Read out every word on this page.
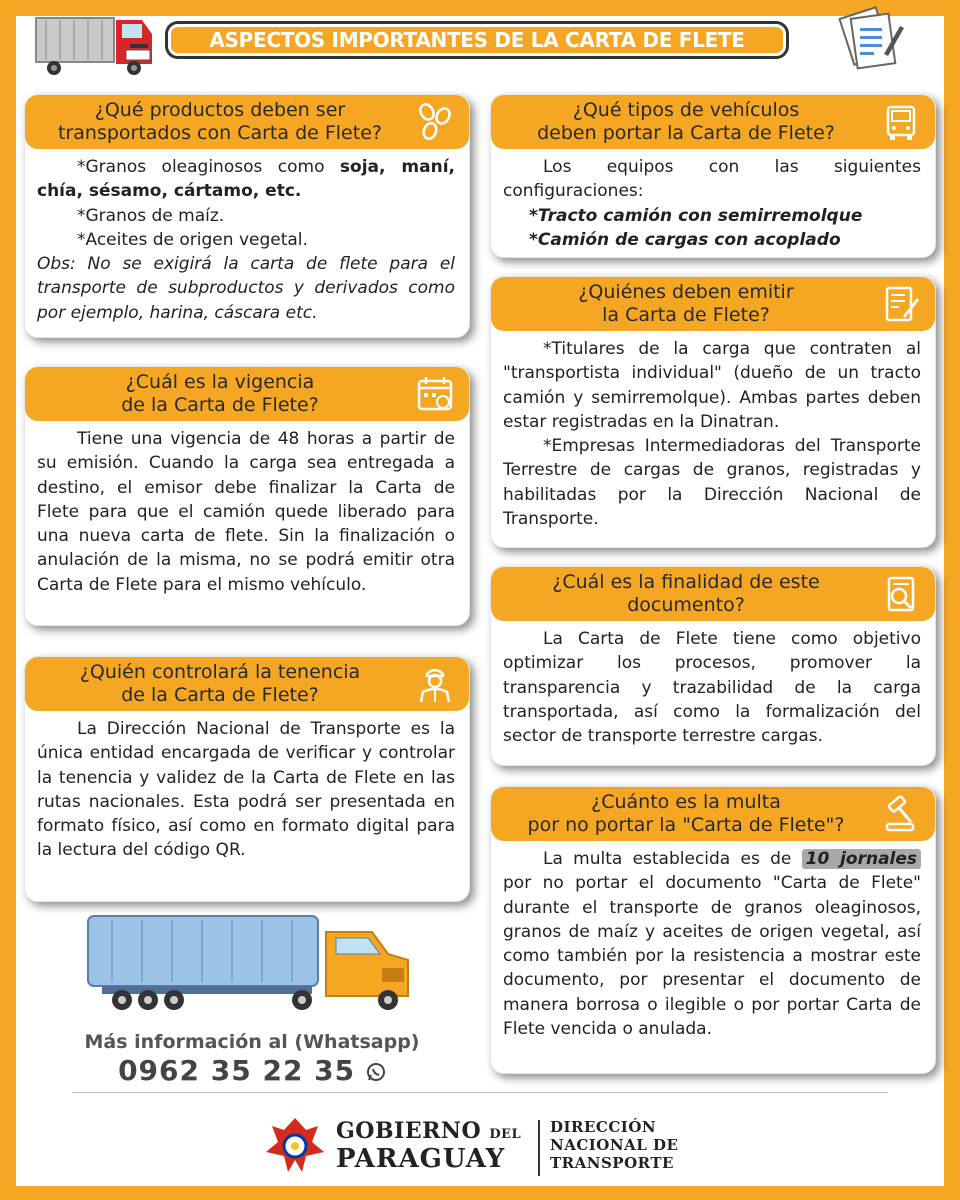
ASPECTOS IMPORTANTES DE LA CARTA DE FLETE
¿Qué productos deben ser
transportados con Carta de Flete?

*Granos oleaginosos como soja, maní, chía, sésamo, cártamo, etc.

*Granos de maíz.

*Aceites de origen vegetal.

Obs: No se exigirá la carta de flete para el transporte de subproductos y derivados como por ejemplo, harina, cáscara etc.

¿Cuál es la vigencia
de la Carta de Flete?

Tiene una vigencia de 48 horas a partir de su emisión. Cuando la carga sea entregada a destino, el emisor debe finalizar la Carta de Flete para que el camión quede liberado para una nueva carta de flete. Sin la finalización o anulación de la misma, no se podrá emitir otra Carta de Flete para el mismo vehículo.

¿Quién controlará la tenencia
de la Carta de Flete?

La Dirección Nacional de Transporte es la única entidad encargada de verificar y controlar la tenencia y validez de la Carta de Flete en las rutas nacionales. Esta podrá ser presentada en formato físico, así como en formato digital para la lectura del código QR.

Más información al (Whatsapp)
0962 35 22 35
¿Qué tipos de vehículos
deben portar la Carta de Flete?

Los equipos con las siguientes configuraciones:

*Tracto camión con semirremolque

*Camión de cargas con acoplado

¿Quiénes deben emitir
la Carta de Flete?

*Titulares de la carga que contraten al "transportista individual" (dueño de un tracto camión y semirremolque). Ambas partes deben estar registradas en la Dinatran.

*Empresas Intermediadoras del Transporte Terrestre de cargas de granos, registradas y habilitadas por la Dirección Nacional de Transporte.

¿Cuál es la finalidad de este
documento?

La Carta de Flete tiene como objetivo optimizar los procesos, promover la transparencia y trazabilidad de la carga transportada, así como la formalización del sector de transporte terrestre cargas.

¿Cuánto es la multa
por no portar la "Carta de Flete"?

La multa establecida es de 10 jornales por no portar el documento "Carta de Flete" durante el transporte de granos oleaginosos, granos de maíz y aceites de origen vegetal, así como también por la resistencia a mostrar este documento, por presentar el documento de manera borrosa o ilegible o por portar Carta de Flete vencida o anulada.

GOBIERNO DEL
PARAGUAY
DIRECCIÓN
NACIONAL DE
TRANSPORTE
